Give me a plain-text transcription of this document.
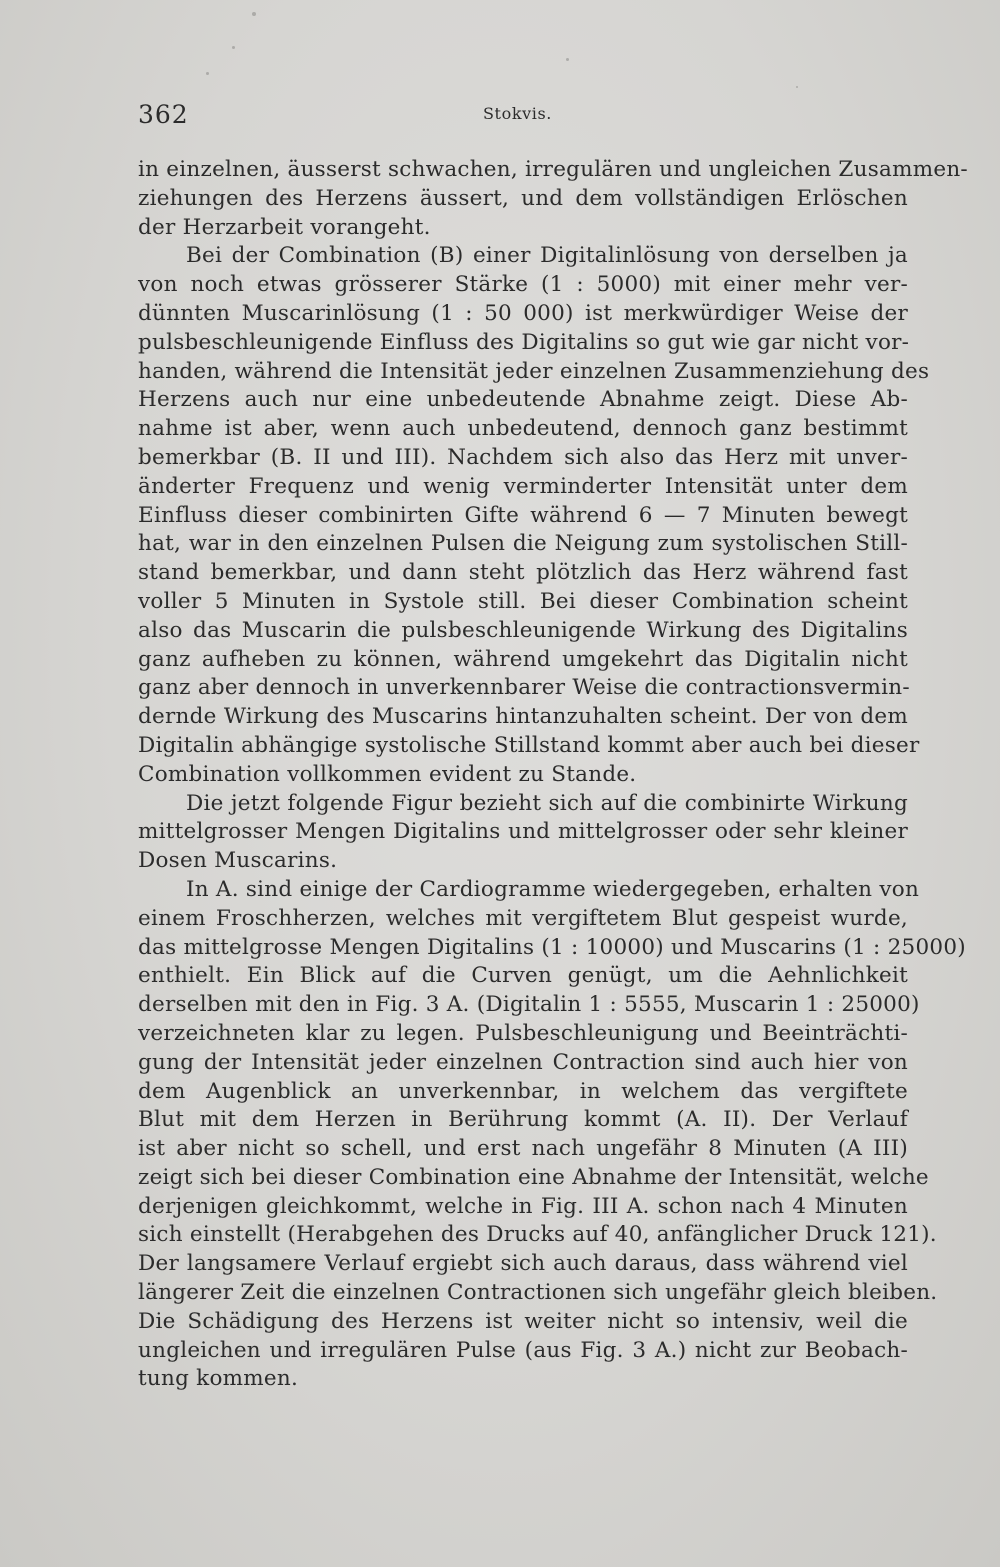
362	Stokvis.
in einzelnen, äusserst schwachen, irregulären und ungleichen Zusammen-
ziehungen des Herzens äussert, und dem vollständigen Erlöschen
der Herzarbeit vorangeht.
Bei der Combination (B) einer Digitalinlösung von derselben ja
von noch etwas grösserer Stärke (1 : 5000) mit einer mehr ver-
dünnten Muscarinlösung (1 : 50 000) ist merkwürdiger Weise der
pulsbeschleunigende Einfluss des Digitalins so gut wie gar nicht vor-
handen, während die Intensität jeder einzelnen Zusammenziehung des
Herzens auch nur eine unbedeutende Abnahme zeigt. Diese Ab-
nahme ist aber, wenn auch unbedeutend, dennoch ganz bestimmt
bemerkbar (B. II und III). Nachdem sich also das Herz mit unver-
änderter Frequenz und wenig verminderter Intensität unter dem
Einfluss dieser combinirten Gifte während 6 — 7 Minuten bewegt
hat, war in den einzelnen Pulsen die Neigung zum systolischen Still-
stand bemerkbar, und dann steht plötzlich das Herz während fast
voller 5 Minuten in Systole still. Bei dieser Combination scheint
also das Muscarin die pulsbeschleunigende Wirkung des Digitalins
ganz aufheben zu können, während umgekehrt das Digitalin nicht
ganz aber dennoch in unverkennbarer Weise die contractionsvermin-
dernde Wirkung des Muscarins hintanzuhalten scheint. Der von dem
Digitalin abhängige systolische Stillstand kommt aber auch bei dieser
Combination vollkommen evident zu Stande.
Die jetzt folgende Figur bezieht sich auf die combinirte Wirkung
mittelgrosser Mengen Digitalins und mittelgrosser oder sehr kleiner
Dosen Muscarins.
In A. sind einige der Cardiogramme wiedergegeben, erhalten von
einem Froschherzen, welches mit vergiftetem Blut gespeist wurde,
das mittelgrosse Mengen Digitalins (1 : 10000) und Muscarins (1 : 25000)
enthielt. Ein Blick auf die Curven genügt, um die Aehnlichkeit
derselben mit den in Fig. 3 A. (Digitalin 1 : 5555, Muscarin 1 : 25000)
verzeichneten klar zu legen. Pulsbeschleunigung und Beeinträchti-
gung der Intensität jeder einzelnen Contraction sind auch hier von
dem Augenblick an unverkennbar, in welchem das vergiftete
Blut mit dem Herzen in Berührung kommt (A. II). Der Verlauf
ist aber nicht so schell, und erst nach ungefähr 8 Minuten (A III)
zeigt sich bei dieser Combination eine Abnahme der Intensität, welche
derjenigen gleichkommt, welche in Fig. III A. schon nach 4 Minuten
sich einstellt (Herabgehen des Drucks auf 40, anfänglicher Druck 121).
Der langsamere Verlauf ergiebt sich auch daraus, dass während viel
längerer Zeit die einzelnen Contractionen sich ungefähr gleich bleiben.
Die Schädigung des Herzens ist weiter nicht so intensiv, weil die
ungleichen und irregulären Pulse (aus Fig. 3 A.) nicht zur Beobach-
tung kommen.
